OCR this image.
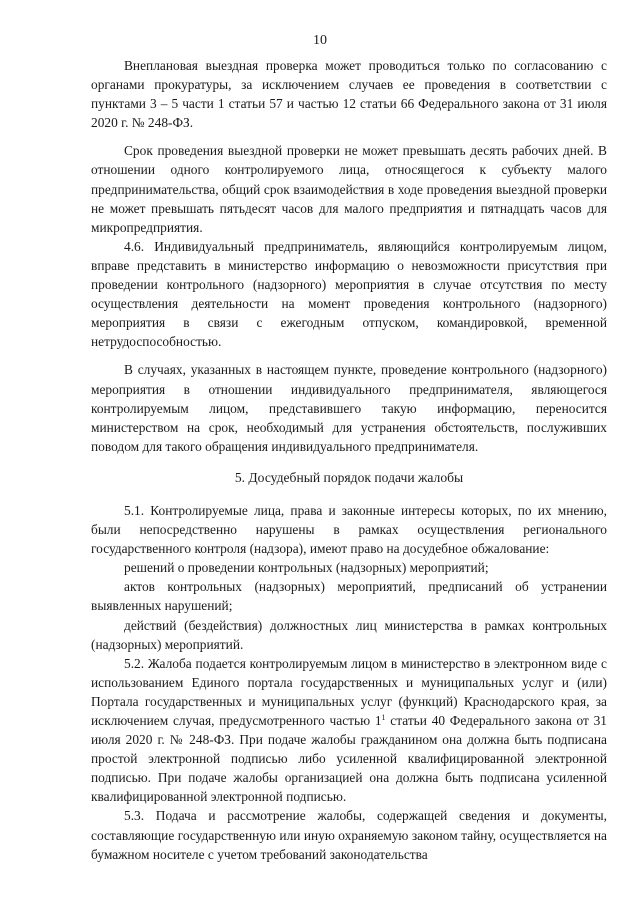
10

Внеплановая выездная проверка может проводиться только по согласованию с органами прокуратуры, за исключением случаев ее проведения в соответствии с пунктами 3 – 5 части 1 статьи 57 и частью 12 статьи 66 Федерального закона от 31 июля 2020 г. № 248-ФЗ.

Срок проведения выездной проверки не может превышать десять рабочих дней. В отношении одного контролируемого лица, относящегося к субъекту малого предпринимательства, общий срок взаимодействия в ходе проведения выездной проверки не может превышать пятьдесят часов для малого предприятия и пятнадцать часов для микропредприятия.

4.6. Индивидуальный предприниматель, являющийся контролируемым лицом, вправе представить в министерство информацию о невозможности присутствия при проведении контрольного (надзорного) мероприятия в случае отсутствия по месту осуществления деятельности на момент проведения контрольного (надзорного) мероприятия в связи с ежегодным отпуском, командировкой, временной нетрудоспособностью.

В случаях, указанных в настоящем пункте, проведение контрольного (надзорного) мероприятия в отношении индивидуального предпринимателя, являющегося контролируемым лицом, представившего такую информацию, переносится министерством на срок, необходимый для устранения обстоятельств, послуживших поводом для такого обращения индивидуального предпринимателя.

5. Досудебный порядок подачи жалобы

5.1. Контролируемые лица, права и законные интересы которых, по их мнению, были непосредственно нарушены в рамках осуществления регионального государственного контроля (надзора), имеют право на досудебное обжалование:

решений о проведении контрольных (надзорных) мероприятий;

актов контрольных (надзорных) мероприятий, предписаний об устранении выявленных нарушений;

действий (бездействия) должностных лиц министерства в рамках контрольных (надзорных) мероприятий.

5.2. Жалоба подается контролируемым лицом в министерство в электронном виде с использованием Единого портала государственных и муниципальных услуг и (или) Портала государственных и муниципальных услуг (функций) Краснодарского края, за исключением случая, предусмотренного частью $1^1$ статьи 40 Федерального закона от 31 июля 2020 г. № 248-ФЗ. При подаче жалобы гражданином она должна быть подписана простой электронной подписью либо усиленной квалифицированной электронной подписью. При подаче жалобы организацией она должна быть подписана усиленной квалифицированной электронной подписью.

5.3. Подача и рассмотрение жалобы, содержащей сведения и документы, составляющие государственную или иную охраняемую законом тайну, осуществляется на бумажном носителе с учетом требований законодательства
